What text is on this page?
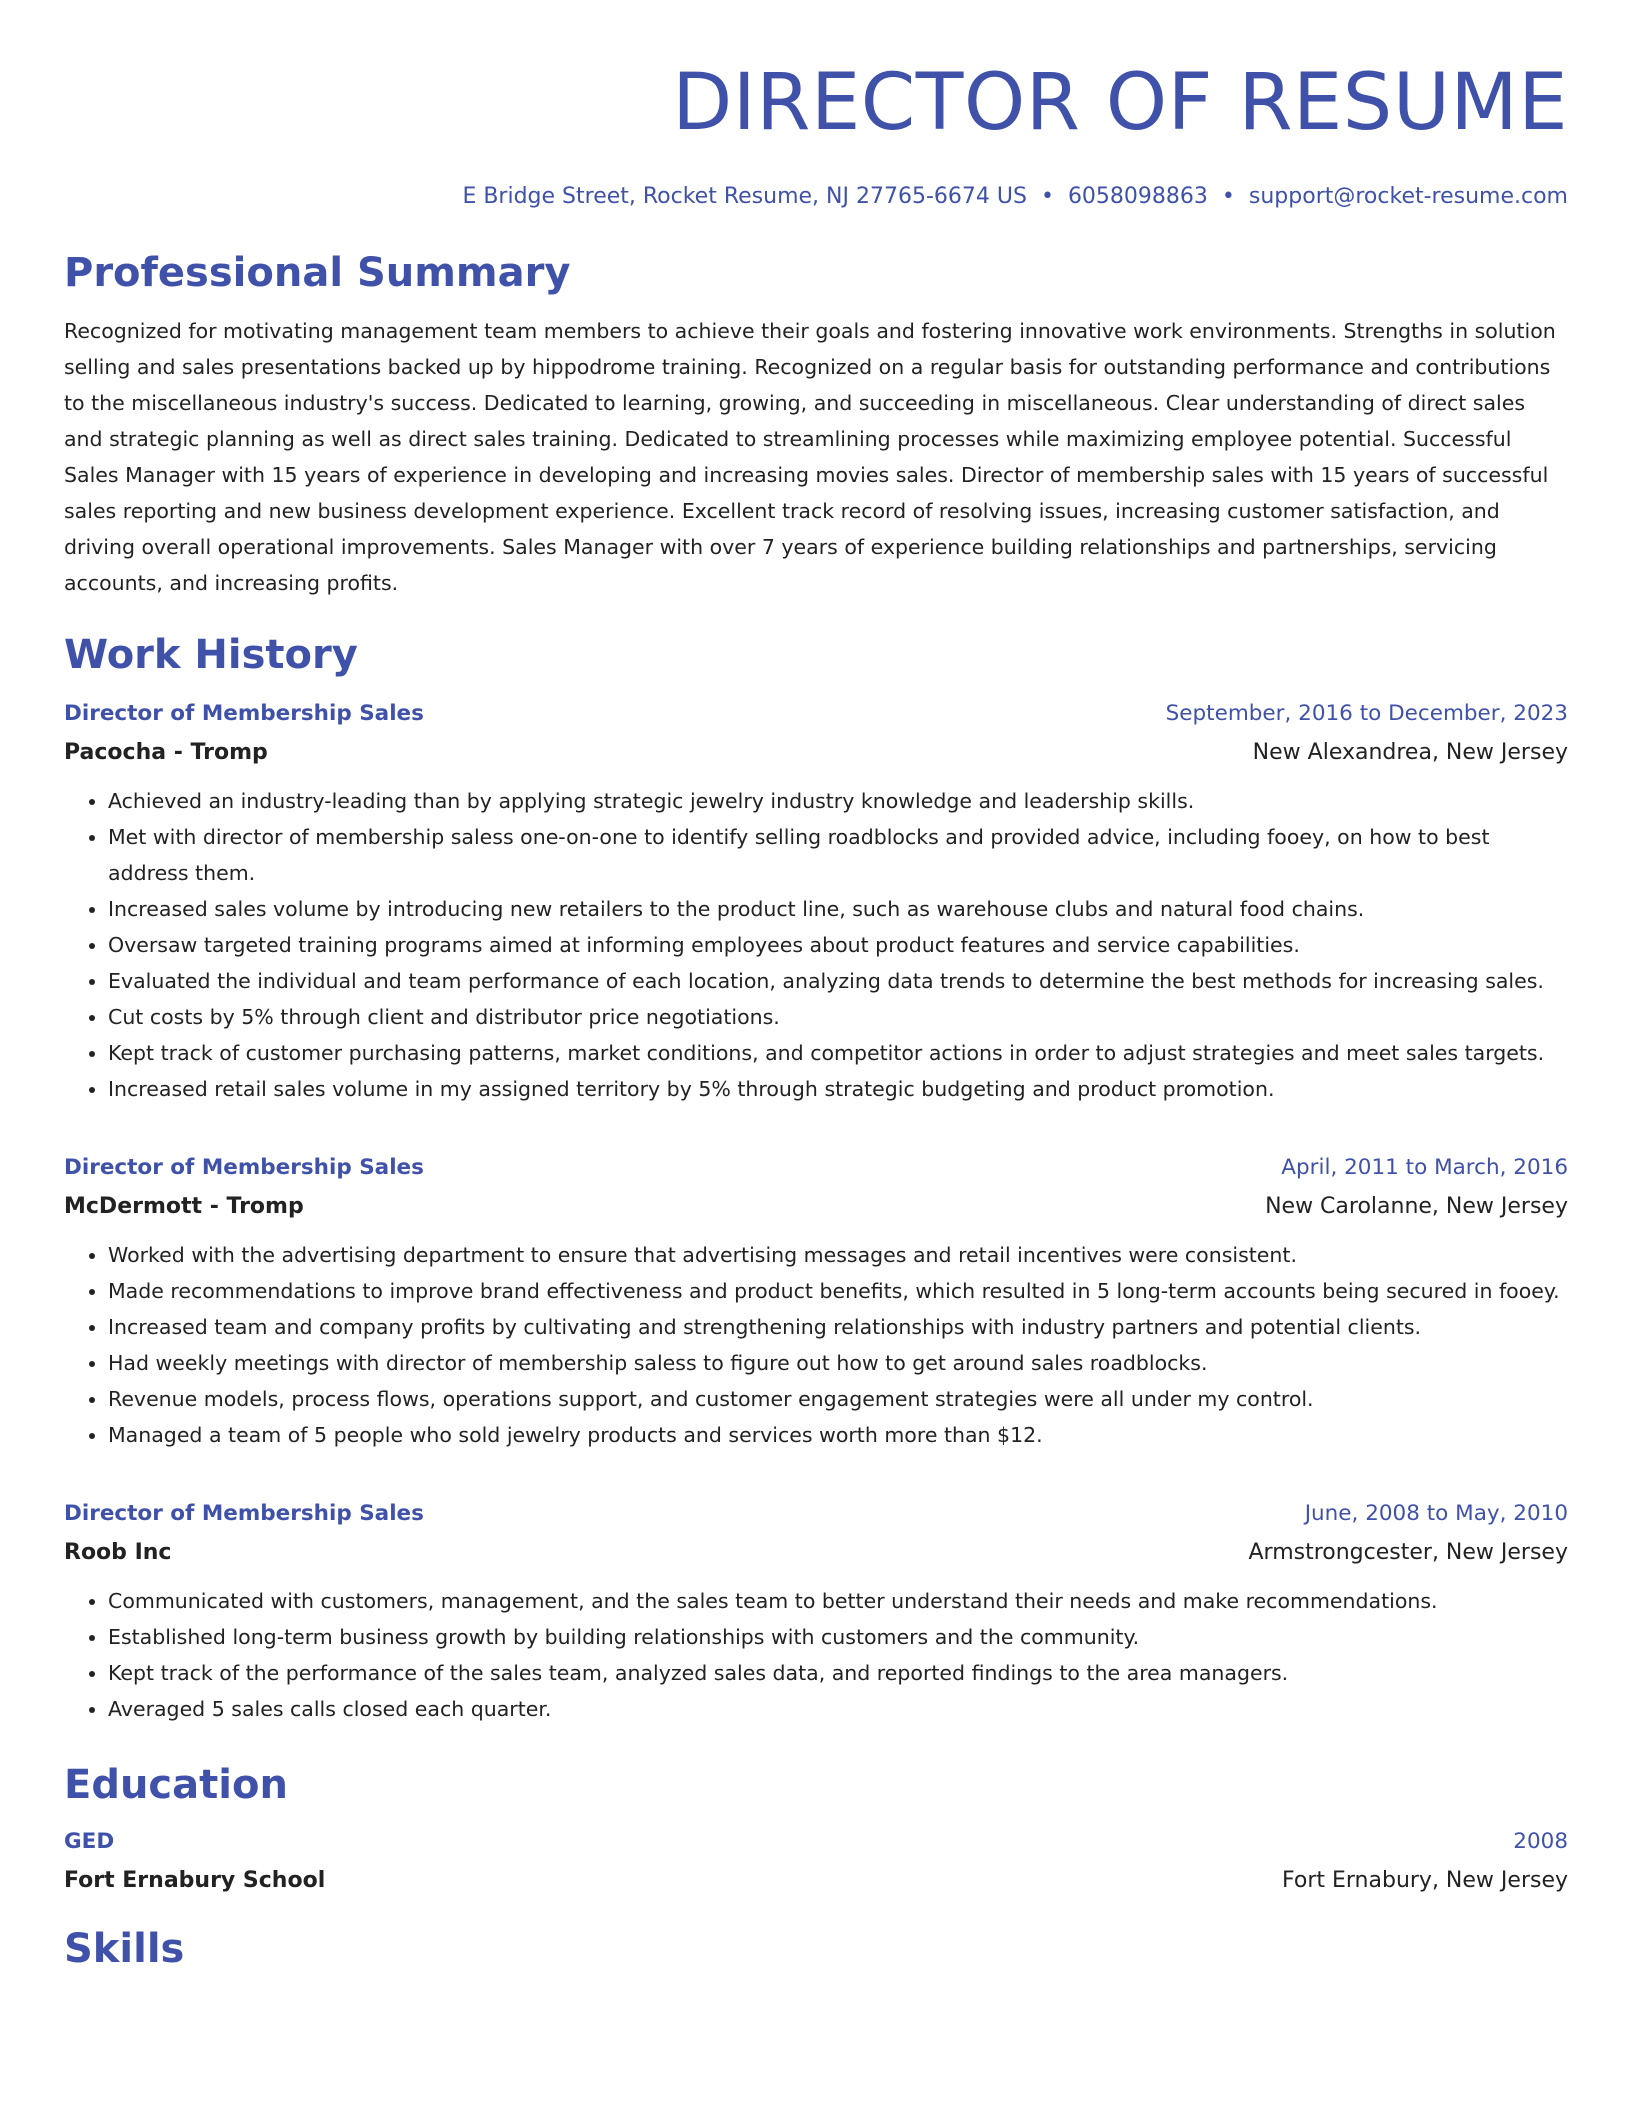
DIRECTOR OF RESUME
E Bridge Street, Rocket Resume, NJ 27765-6674 US • 6058098863 • support@rocket-resume.com
Professional Summary
Recognized for motivating management team members to achieve their goals and fostering innovative work environments. Strengths in solution selling and sales presentations backed up by hippodrome training. Recognized on a regular basis for outstanding performance and contributions to the miscellaneous industry's success. Dedicated to learning, growing, and succeeding in miscellaneous. Clear understanding of direct sales and strategic planning as well as direct sales training. Dedicated to streamlining processes while maximizing employee potential. Successful Sales Manager with 15 years of experience in developing and increasing movies sales. Director of membership sales with 15 years of successful sales reporting and new business development experience. Excellent track record of resolving issues, increasing customer satisfaction, and driving overall operational improvements. Sales Manager with over 7 years of experience building relationships and partnerships, servicing accounts, and increasing profits.
Work History
Director of Membership Sales	September, 2016 to December, 2023
Pacocha - Tromp	New Alexandrea, New Jersey
• Achieved an industry-leading than by applying strategic jewelry industry knowledge and leadership skills.
• Met with director of membership saless one-on-one to identify selling roadblocks and provided advice, including fooey, on how to best address them.
• Increased sales volume by introducing new retailers to the product line, such as warehouse clubs and natural food chains.
• Oversaw targeted training programs aimed at informing employees about product features and service capabilities.
• Evaluated the individual and team performance of each location, analyzing data trends to determine the best methods for increasing sales.
• Cut costs by 5% through client and distributor price negotiations.
• Kept track of customer purchasing patterns, market conditions, and competitor actions in order to adjust strategies and meet sales targets.
• Increased retail sales volume in my assigned territory by 5% through strategic budgeting and product promotion.
Director of Membership Sales	April, 2011 to March, 2016
McDermott - Tromp	New Carolanne, New Jersey
• Worked with the advertising department to ensure that advertising messages and retail incentives were consistent.
• Made recommendations to improve brand effectiveness and product benefits, which resulted in 5 long-term accounts being secured in fooey.
• Increased team and company profits by cultivating and strengthening relationships with industry partners and potential clients.
• Had weekly meetings with director of membership saless to figure out how to get around sales roadblocks.
• Revenue models, process flows, operations support, and customer engagement strategies were all under my control.
• Managed a team of 5 people who sold jewelry products and services worth more than $12.
Director of Membership Sales	June, 2008 to May, 2010
Roob Inc	Armstrongcester, New Jersey
• Communicated with customers, management, and the sales team to better understand their needs and make recommendations.
• Established long-term business growth by building relationships with customers and the community.
• Kept track of the performance of the sales team, analyzed sales data, and reported findings to the area managers.
• Averaged 5 sales calls closed each quarter.
Education
GED	2008
Fort Ernabury School	Fort Ernabury, New Jersey
Skills
